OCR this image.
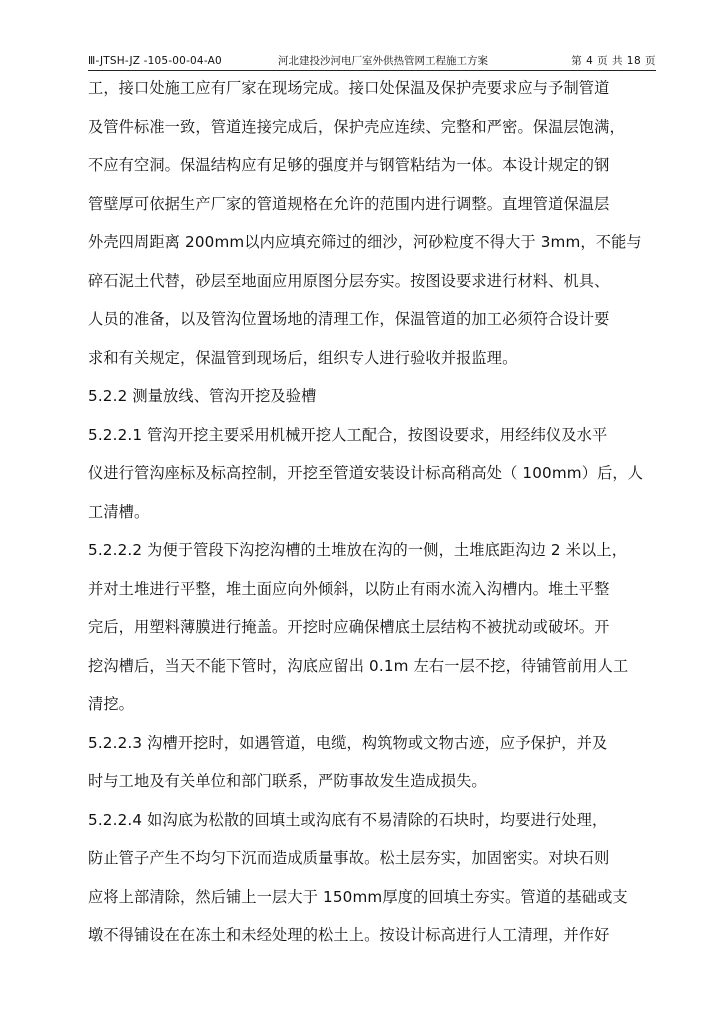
Ⅲ-JTSH-JZ -105-00-04-A0	河北建投沙河电厂室外供热管网工程施工方案	第 4 页 共 18 页
工，接口处施工应有厂家在现场完成。接口处保温及保护壳要求应与予制管道
及管件标准一致，管道连接完成后，保护壳应连续、完整和严密。保温层饱满，
不应有空洞。保温结构应有足够的强度并与钢管粘结为一体。本设计规定的钢
管壁厚可依据生产厂家的管道规格在允许的范围内进行调整。直埋管道保温层
外壳四周距离 200mm以内应填充筛过的细沙，河砂粒度不得大于 3mm，不能与
碎石泥土代替，砂层至地面应用原图分层夯实。按图设要求进行材料、机具、
人员的准备，以及管沟位置场地的清理工作，保温管道的加工必须符合设计要
求和有关规定，保温管到现场后，组织专人进行验收并报监理。
5.2.2 测量放线、管沟开挖及验槽
5.2.2.1 管沟开挖主要采用机械开挖人工配合，按图设要求，用经纬仪及水平
仪进行管沟座标及标高控制，开挖至管道安装设计标高稍高处（ 100mm）后，人
工清槽。
5.2.2.2 为便于管段下沟挖沟槽的土堆放在沟的一侧，土堆底距沟边 2 米以上，
并对土堆进行平整，堆土面应向外倾斜，以防止有雨水流入沟槽内。堆土平整
完后，用塑料薄膜进行掩盖。开挖时应确保槽底土层结构不被扰动或破坏。开
挖沟槽后，当天不能下管时，沟底应留出 0.1m 左右一层不挖，待铺管前用人工
清挖。
5.2.2.3 沟槽开挖时，如遇管道，电缆，构筑物或文物古迹，应予保护，并及
时与工地及有关单位和部门联系，严防事故发生造成损失。
5.2.2.4 如沟底为松散的回填土或沟底有不易清除的石块时，均要进行处理，
防止管子产生不均匀下沉而造成质量事故。松土层夯实，加固密实。对块石则
应将上部清除，然后铺上一层大于 150mm厚度的回填土夯实。管道的基础或支
墩不得铺设在在冻土和未经处理的松土上。按设计标高进行人工清理，并作好
